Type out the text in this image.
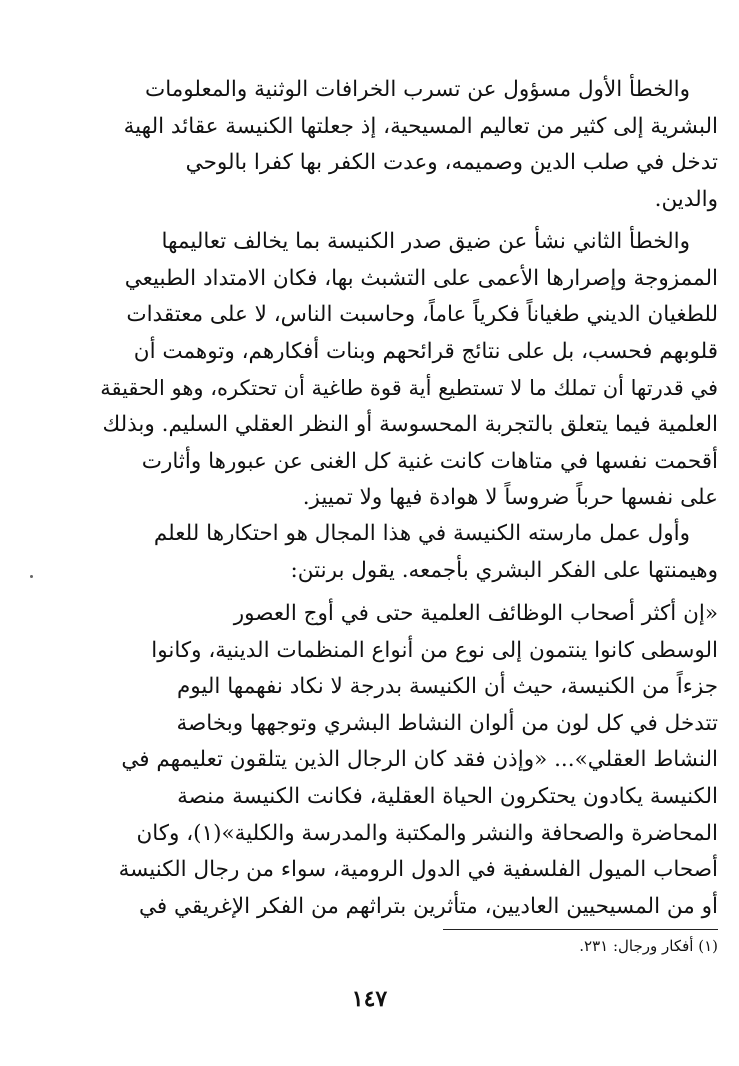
والخطأ الأول مسؤول عن تسرب الخرافات الوثنية والمعلومات
البشرية إلى كثير من تعاليم المسيحية، إذ جعلتها الكنيسة عقائد الهية
تدخل في صلب الدين وصميمه، وعدت الكفر بها كفرا بالوحي
والدين.
والخطأ الثاني نشأ عن ضيق صدر الكنيسة بما يخالف تعاليمها
الممزوجة وإصرارها الأعمى على التشبث بها، فكان الامتداد الطبيعي
للطغيان الديني طغياناً فكرياً عاماً، وحاسبت الناس، لا على معتقدات
قلوبهم فحسب، بل على نتائج قرائحهم وبنات أفكارهم، وتوهمت أن
في قدرتها أن تملك ما لا تستطيع أية قوة طاغية أن تحتكره، وهو الحقيقة
العلمية فيما يتعلق بالتجربة المحسوسة أو النظر العقلي السليم. وبذلك
أقحمت نفسها في متاهات كانت غنية كل الغنى عن عبورها وأثارت
على نفسها حرباً ضروساً لا هوادة فيها ولا تمييز.
وأول عمل مارسته الكنيسة في هذا المجال هو احتكارها للعلم
وهيمنتها على الفكر البشري بأجمعه. يقول برنتن:
«إن أكثر أصحاب الوظائف العلمية حتى في أوج العصور
الوسطى كانوا ينتمون إلى نوع من أنواع المنظمات الدينية، وكانوا
جزءاً من الكنيسة، حيث أن الكنيسة بدرجة لا نكاد نفهمها اليوم
تتدخل في كل لون من ألوان النشاط البشري وتوجهها وبخاصة
النشاط العقلي»... «وإذن فقد كان الرجال الذين يتلقون تعليمهم في
الكنيسة يكادون يحتكرون الحياة العقلية، فكانت الكنيسة منصة
المحاضرة والصحافة والنشر والمكتبة والمدرسة والكلية»(١)، وكان
أصحاب الميول الفلسفية في الدول الرومية، سواء من رجال الكنيسة
أو من المسيحيين العاديين، متأثرين بتراثهم من الفكر الإغريقي في
(١) أفكار ورجال: ٢٣١.
١٤٧
